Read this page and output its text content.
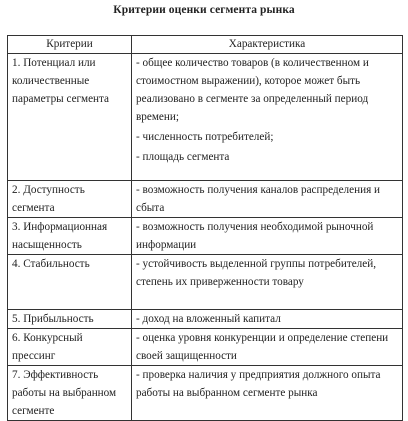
Критерии оценки сегмента рынка
Критерии	Характеристика
1. Потенциал или количественные параметры сегмента	- общее количество товаров (в количественном и стоимостном выражении), которое может быть реализовано в сегменте за определенный период времени;
- численность потребителей;
- площадь сегмента

2. Доступность сегмента	- возможность получения каналов распределения и сбыта

3. Информационная насыщенность	- возможность получения необходимой рыночной информации

4. Стабильность	- устойчивость выделенной группы потребителей, степень их приверженности товару

5. Прибыльность	- доход на вложенный капитал

6. Конкурсный прессинг	- оценка уровня конкуренции и определение степени своей защищенности

7. Эффективность работы на выбранном сегменте	- проверка наличия у предприятия должного опыта работы на выбранном сегменте рынка
